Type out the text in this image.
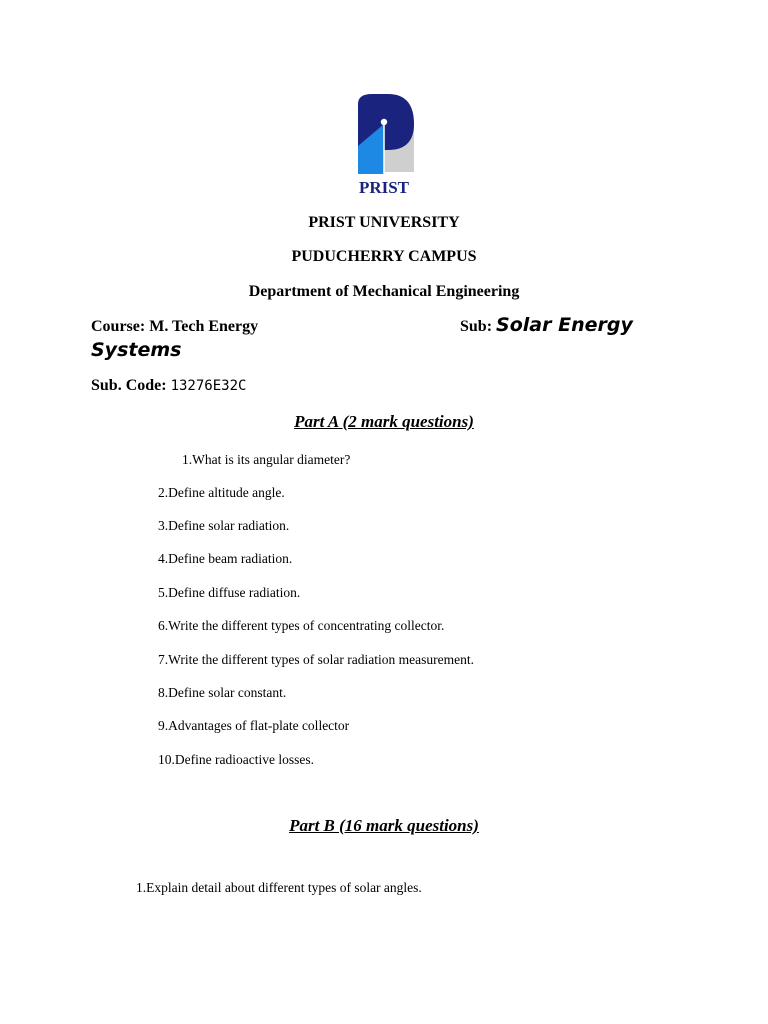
PRIST
PRIST UNIVERSITY
PUDUCHERRY CAMPUS
Department of Mechanical Engineering
Course: M. Tech Energy	Sub: Solar Energy
Systems
Sub. Code: 13276E32C
Part A (2 mark questions)
1.What is its angular diameter?
2.Define altitude angle.
3.Define solar radiation.
4.Define beam radiation.
5.Define diffuse radiation.
6.Write the different types of concentrating collector.
7.Write the different types of solar radiation measurement.
8.Define solar constant.
9.Advantages of flat-plate collector
10.Define radioactive losses.
Part B (16 mark questions)
1.Explain detail about different types of solar angles.
